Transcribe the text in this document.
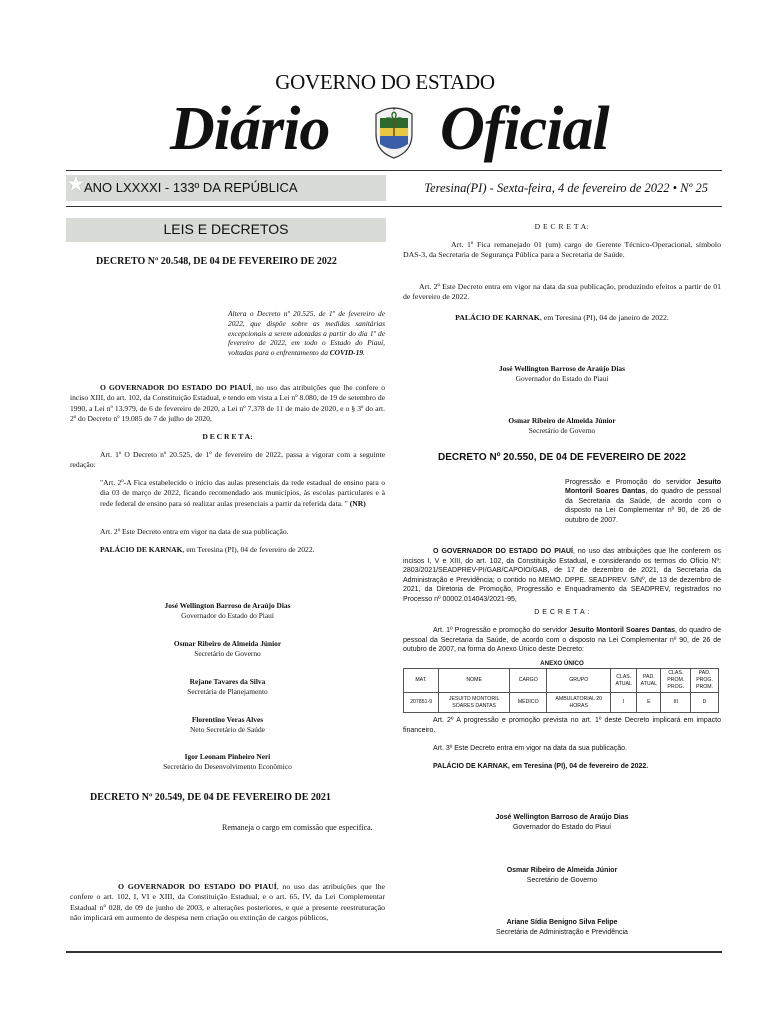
GOVERNO DO ESTADO
Diário	★ Oficial
★
ANO LXXXXI - 133º DA REPÚBLICA	Teresina(PI) - Sexta-feira, 4 de fevereiro de 2022 • Nº 25
LEIS E DECRETOS
DECRETO Nº 20.548, DE 04 DE FEVEREIRO DE 2022
Altera o Decreto nº 20.525, de 1º de fevereiro de 2022, que dispõe sobre as medidas sanitárias excepcionais a serem adotadas a partir do dia 1º de fevereiro de 2022, em todo o Estado do Piauí, voltadas para o enfrentamento da COVID-19.
O GOVERNADOR DO ESTADO DO PIAUÍ, no uso das atribuições que lhe confere o inciso XIII, do art. 102, da Constituição Estadual, e tendo em vista a Lei nº 8.080, de 19 de setembro de 1990, a Lei nº 13.979, de 6 de fevereiro de 2020, a Lei nº 7.378 de 11 de maio de 2020, e o § 3º do art. 2º do Decreto nº 19.085 de 7 de julho de 2020,
D E C R E T A:
Art. 1º O Decreto nº 20.525, de 1º de fevereiro de 2022, passa a vigorar com a seguinte redação:
"Art. 2º-A Fica estabelecido o início das aulas presenciais da rede estadual de ensino para o dia 03 de março de 2022, ficando recomendado aos municípios, às escolas particulares e à rede federal de ensino para só realizar aulas presenciais a partir da referida data. " (NR)
Art. 2º Este Decreto entra em vigor na data de sua publicação.
PALÁCIO DE KARNAK, em Teresina (PI), 04 de fevereiro de 2022.
José Wellington Barroso de Araújo Dias
Governador do Estado do Piauí
Osmar Ribeiro de Almeida Júnior
Secretário de Governo
Rejane Tavares da Silva
Secretária de Planejamento
Florentino Veras Alves
Neto Secretário de Saúde
Igor Leonam Pinheiro Neri
Secretário do Desenvolvimento Econômico
DECRETO Nº 20.549, DE 04 DE FEVEREIRO DE 2021
Remaneja o cargo em comissão que especifica.
O GOVERNADOR DO ESTADO DO PIAUÍ, no uso das atribuições que lhe confere o art. 102, I, VI e XIII, da Constituição Estadual, e o art. 65, IV, da Lei Complementar Estadual nº 028, de 09 de junho de 2003, e alterações posteriores, e que a presente reestruturação não implicará em aumento de despesa nem criação ou extinção de cargos públicos,
D E C R E T A:
Art. 1º Fica remanejado 01 (um) cargo de Gerente Técnico-Operacional, símbolo DAS-3, da Secretaria de Segurança Pública para a Secretaria de Saúde.
Art. 2º Este Decreto entra em vigor na data da sua publicação, produzindo efeitos a partir de 01 de fevereiro de 2022.
PALÁCIO DE KARNAK, em Teresina (PI), 04 de janeiro de 2022.
José Wellington Barroso de Araújo Dias
Governador do Estado do Piauí
Osmar Ribeiro de Almeida Júnior
Secretário de Governo
DECRETO Nº 20.550, DE 04 DE FEVEREIRO DE 2022
Progressão e Promoção do servidor Jesuíto Montoril Soares Dantas, do quadro de pessoal da Secretaria da Saúde, de acordo com o disposto na Lei Complementar nº 90, de 26 de outubro de 2007.
O GOVERNADOR DO ESTADO DO PIAUÍ, no uso das atribuições que lhe conferem os incisos I, V e XIII, do art. 102, da Constituição Estadual, e considerando os termos do Ofício Nº: 2803/2021/SEADPREV-PI/GAB/CAPOIO/GAB, de 17 de dezembro de 2021, da Secretaria da Administração e Previdência; o contido no MEMO. DPPE. SEADPREV. S/Nº, de 13 de dezembro de 2021, da Diretoria de Promoção, Progressão e Enquadramento da SEADPREV, registrados no Processo nº 00002.014043/2021-95,
D E C R E T A :
Art. 1º Progressão e promoção do servidor Jesuíto Montoril Soares Dantas, do quadro de pessoal da Secretaria da Saúde, de acordo com o disposto na Lei Complementar nº 90, de 26 de outubro de 2007, na forma do Anexo Único deste Decreto:
ANEXO ÚNICO
MAT.	NOME	CARGO	GRUPO	CLAS. ATUAL	PAD. ATUAL	CLAS. PROM. PROG.	PAD. PROG. PROM.
207851-9	JESUITO MONTORIL SOARES DANTAS	MÉDICO	AMBULATORIAL 20 HORAS	I	E	III	D
Art. 2º A progressão e promoção prevista no art. 1º deste Decreto implicará em impacto financeiro.
Art. 3º Este Decreto entra em vigor na data da sua publicação.
PALÁCIO DE KARNAK, em Teresina (PI), 04 de fevereiro de 2022.
José Wellington Barroso de Araújo Dias
Governador do Estado do Piauí
Osmar Ribeiro de Almeida Júnior
Secretário de Governo
Ariane Sídia Benigno Silva Felipe
Secretária de Administração e Previdência
